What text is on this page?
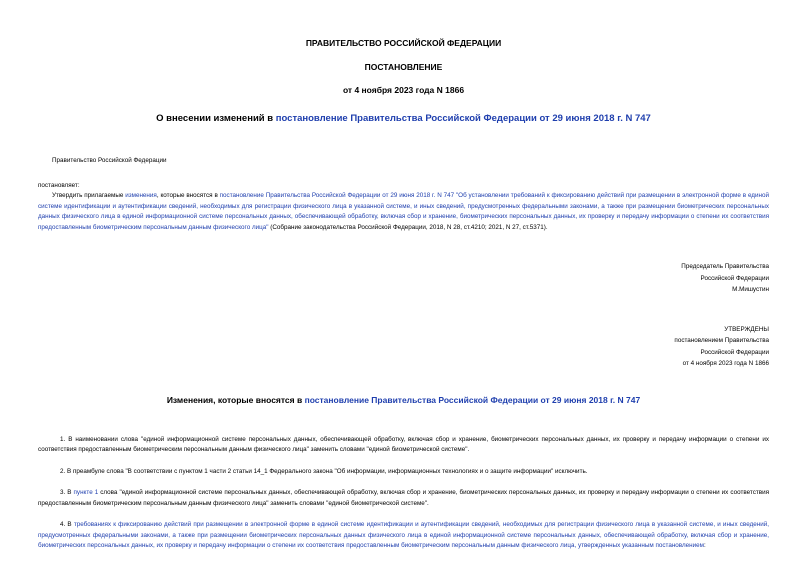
ПРАВИТЕЛЬСТВО РОССИЙСКОЙ ФЕДЕРАЦИИ
ПОСТАНОВЛЕНИЕ
от 4 ноября 2023 года N 1866
О внесении изменений в постановление Правительства Российской Федерации от 29 июня 2018 г. N 747
Правительство Российской Федерации
постановляет:
Утвердить прилагаемые изменения, которые вносятся в постановление Правительства Российской Федерации от 29 июня 2018 г. N 747 "Об установлении требований к фиксированию действий при размещении в электронной форме в единой системе идентификации и аутентификации сведений, необходимых для регистрации физического лица в указанной системе, и иных сведений, предусмотренных федеральными законами, а также при размещении биометрических персональных данных физического лица в единой информационной системе персональных данных, обеспечивающей обработку, включая сбор и хранение, биометрических персональных данных, их проверку и передачу информации о степени их соответствия предоставленным биометрическим персональным данным физического лица" (Собрание законодательства Российской Федерации, 2018, N 28, ст.4210; 2021, N 27, ст.5371).
Председатель Правительства
Российской Федерации
М.Мишустин
УТВЕРЖДЕНЫ
постановлением Правительства
Российской Федерации
от 4 ноября 2023 года N 1866
Изменения, которые вносятся в постановление Правительства Российской Федерации от 29 июня 2018 г. N 747
1. В наименовании слова "единой информационной системе персональных данных, обеспечивающей обработку, включая сбор и хранение, биометрических персональных данных, их проверку и передачу информации о степени их соответствия предоставленным биометрическим персональным данным физического лица" заменить словами "единой биометрической системе".
2. В преамбуле слова "В соответствии с пунктом 1 части 2 статьи 14_1 Федерального закона "Об информации, информационных технологиях и о защите информации" исключить.
3. В пункте 1 слова "единой информационной системе персональных данных, обеспечивающей обработку, включая сбор и хранение, биометрических персональных данных, их проверку и передачу информации о степени их соответствия предоставленным биометрическим персональным данным физического лица" заменить словами "единой биометрической системе".
4. В требованиях к фиксированию действий при размещении в электронной форме в единой системе идентификации и аутентификации сведений, необходимых для регистрации физического лица в указанной системе, и иных сведений, предусмотренных федеральными законами, а также при размещении биометрических персональных данных физического лица в единой информационной системе персональных данных, обеспечивающей обработку, включая сбор и хранение, биометрических персональных данных, их проверку и передачу информации о степени их соответствия предоставленным биометрическим персональным данным физического лица, утвержденных указанным постановлением:
